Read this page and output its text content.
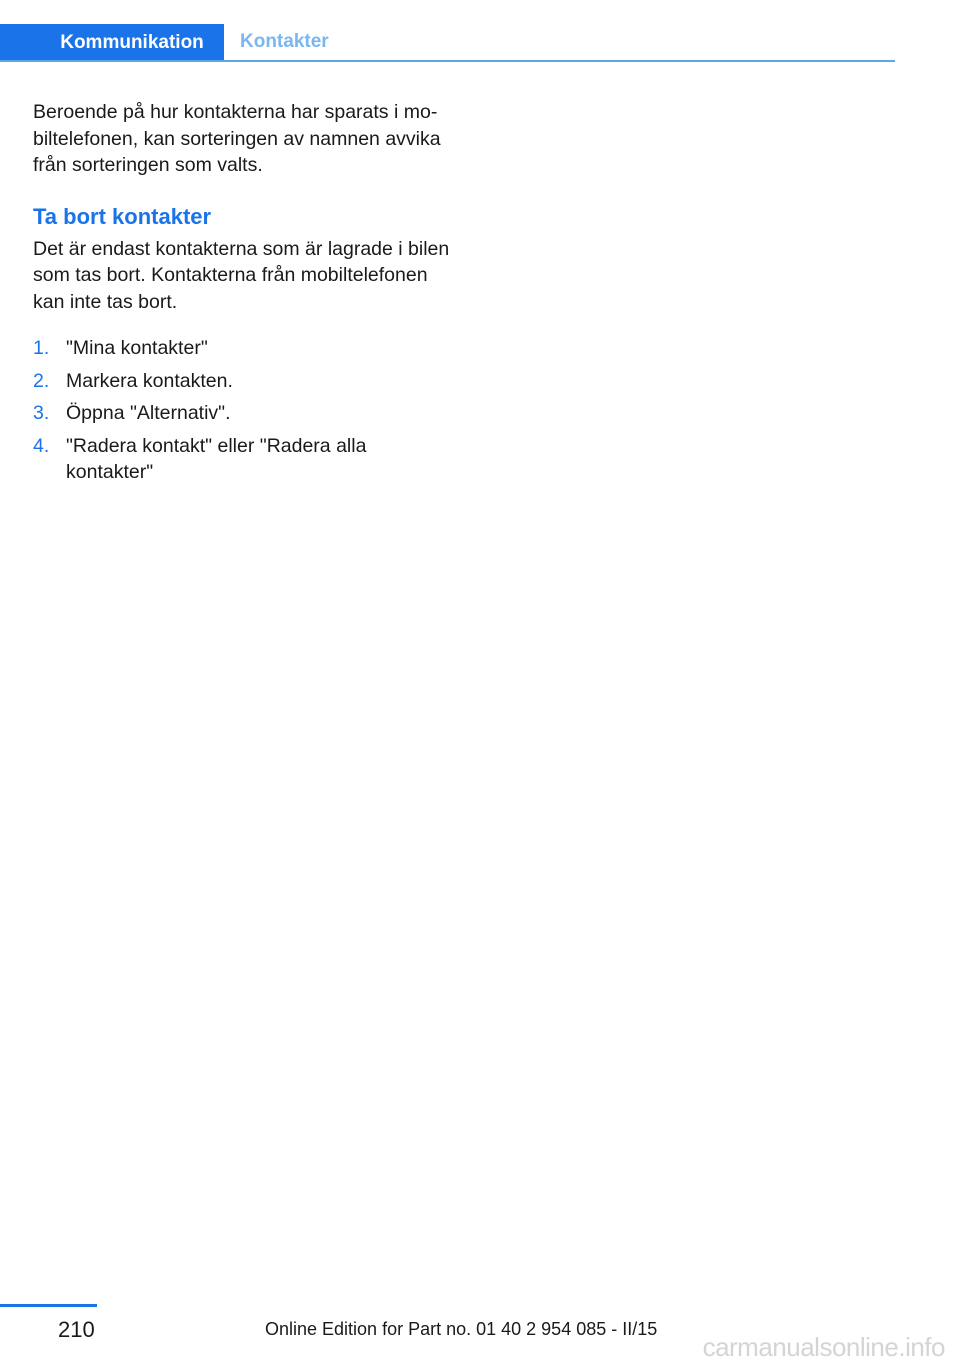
Kommunikation	Kontakter

Beroende på hur kontakterna har sparats i mobiltelefonen, kan sorteringen av namnen avvika från sorteringen som valts.

Ta bort kontakter

Det är endast kontakterna som är lagrade i bilen som tas bort. Kontakterna från mobiltelefonen kan inte tas bort.

1. "Mina kontakter"
2. Markera kontakten.
3. Öppna "Alternativ".
4. "Radera kontakt" eller "Radera alla kontakter"
210	Online Edition for Part no. 01 40 2 954 085 - II/15
carmanualsonline.info
